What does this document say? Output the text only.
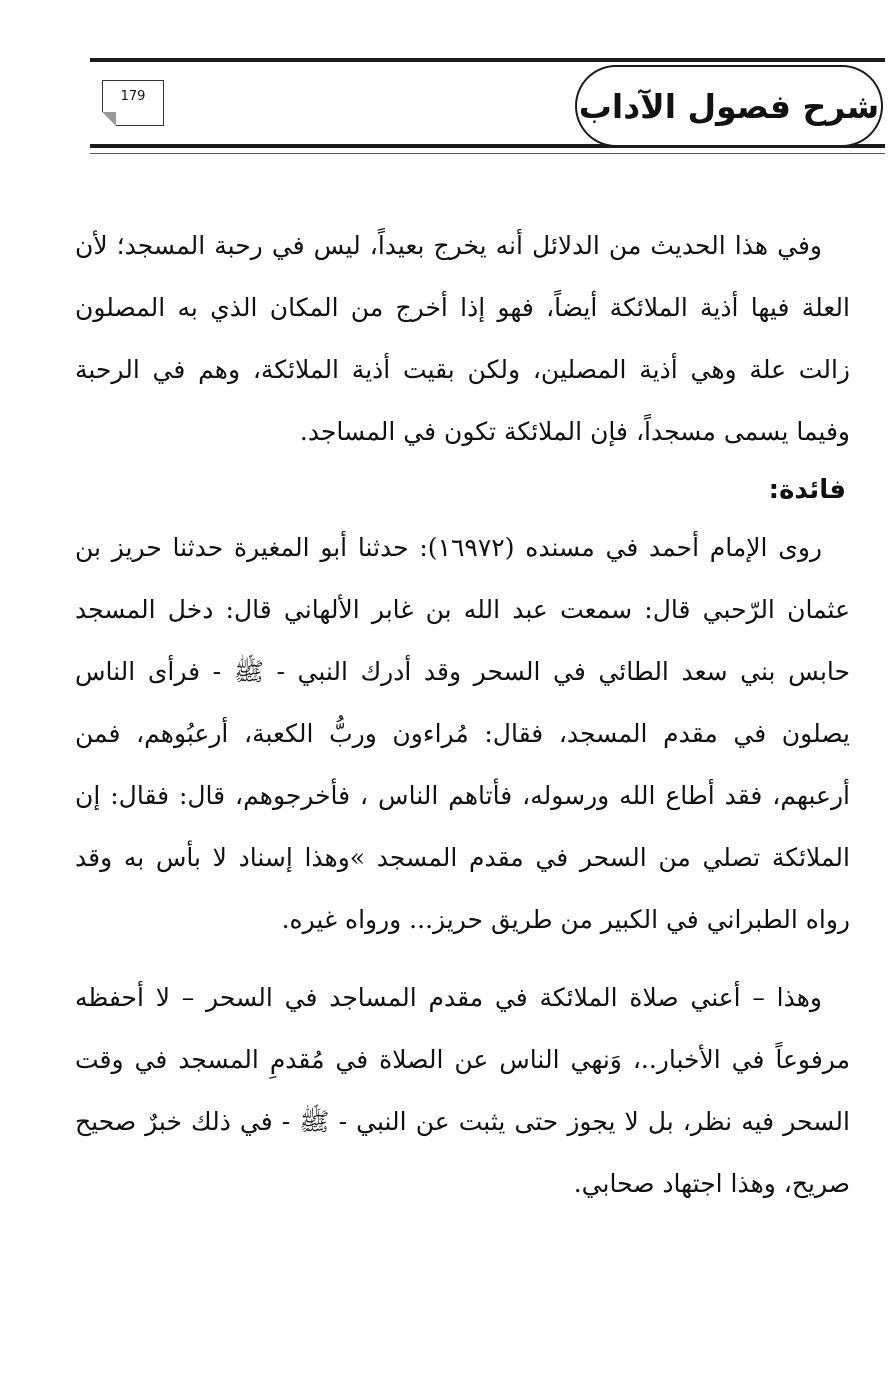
شرح فصول الآداب
179

وفي هذا الحديث من الدلائل أنه يخرج بعيداً، ليس في رحبة المسجد؛ لأن العلة فيها أذية الملائكة أيضاً، فهو إذا أخرج من المكان الذي به المصلون زالت علة وهي أذية المصلين، ولكن بقيت أذية الملائكة، وهم في الرحبة وفيما يسمى مسجداً، فإن الملائكة تكون في المساجد.

فائدة:

روى الإمام أحمد في مسنده (١٦٩٧٢): حدثنا أبو المغيرة حدثنا حريز بن عثمان الرّحبي قال: سمعت عبد الله بن غابر الألهاني قال: دخل المسجد حابس بني سعد الطائي في السحر وقد أدرك النبي - ﷺ - فرأى الناس يصلون في مقدم المسجد، فقال: مُراءون وربُّ الكعبة، أرعبُوهم، فمن أرعبهم، فقد أطاع الله ورسوله، فأتاهم الناس ، فأخرجوهم، قال: فقال: إن الملائكة تصلي من السحر في مقدم المسجد »وهذا إسناد لا بأس به وقد رواه الطبراني في الكبير من طريق حريز... ورواه غيره.

وهذا – أعني صلاة الملائكة في مقدم المساجد في السحر – لا أحفظه مرفوعاً في الأخبار..، وَنهي الناس عن الصلاة في مُقدمِ المسجد في وقت السحر فيه نظر، بل لا يجوز حتى يثبت عن النبي - ﷺ - في ذلك خبرٌ صحيح صريح، وهذا اجتهاد صحابي.
